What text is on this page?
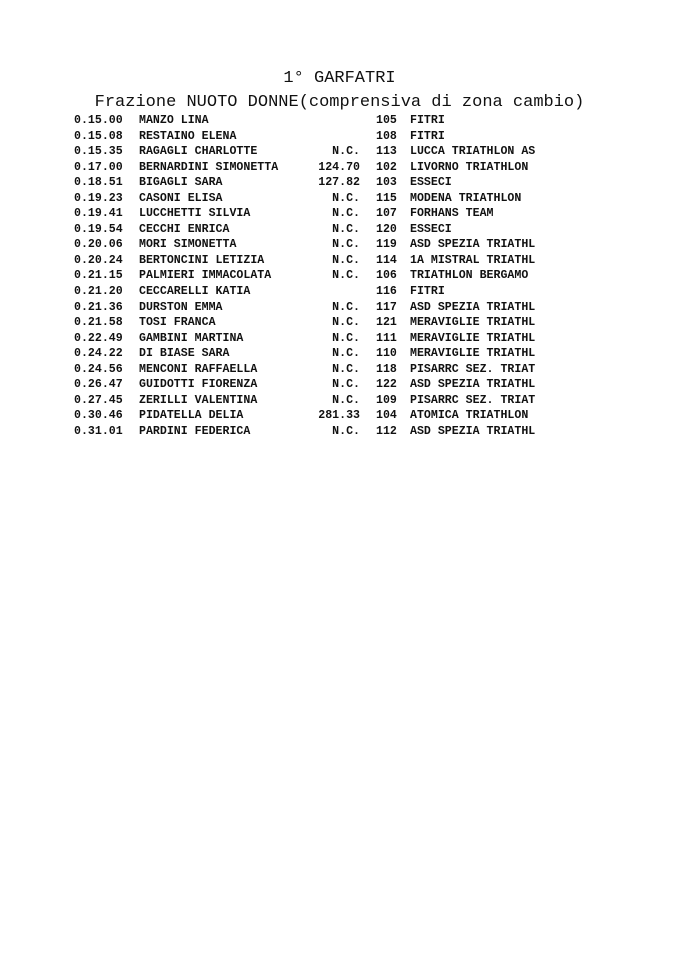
1° GARFATRI
Frazione NUOTO DONNE(comprensiva di zona cambio)
0.15.00 MANZO LINA	105 FITRI
0.15.08 RESTAINO ELENA	108 FITRI
0.15.35 RAGAGLI CHARLOTTE	N.C. 113 LUCCA TRIATHLON AS
0.17.00 BERNARDINI SIMONETTA	124.70 102 LIVORNO TRIATHLON
0.18.51 BIGAGLI SARA	127.82 103 ESSECI
0.19.23 CASONI ELISA	N.C. 115 MODENA TRIATHLON
0.19.41 LUCCHETTI SILVIA	N.C. 107 FORHANS TEAM
0.19.54 CECCHI ENRICA	N.C. 120 ESSECI
0.20.06 MORI SIMONETTA	N.C. 119 ASD SPEZIA TRIATHL
0.20.24 BERTONCINI LETIZIA	N.C. 114 1A MISTRAL TRIATHL
0.21.15 PALMIERI IMMACOLATA	N.C. 106 TRIATHLON BERGAMO
0.21.20 CECCARELLI KATIA	116 FITRI
0.21.36 DURSTON EMMA	N.C. 117 ASD SPEZIA TRIATHL
0.21.58 TOSI FRANCA	N.C. 121 MERAVIGLIE TRIATHL
0.22.49 GAMBINI MARTINA	N.C. 111 MERAVIGLIE TRIATHL
0.24.22 DI BIASE SARA	N.C. 110 MERAVIGLIE TRIATHL
0.24.56 MENCONI RAFFAELLA	N.C. 118 PISARRC SEZ. TRIAT
0.26.47 GUIDOTTI FIORENZA	N.C. 122 ASD SPEZIA TRIATHL
0.27.45 ZERILLI VALENTINA	N.C. 109 PISARRC SEZ. TRIAT
0.30.46 PIDATELLA DELIA	281.33 104 ATOMICA TRIATHLON
0.31.01 PARDINI FEDERICA	N.C. 112 ASD SPEZIA TRIATHL
